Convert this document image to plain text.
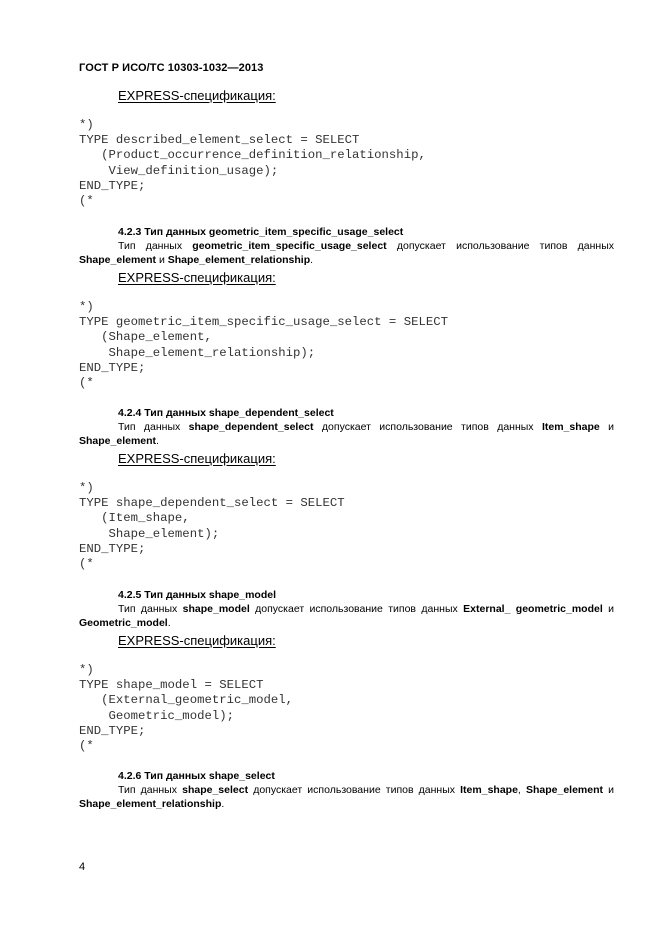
ГОСТ Р ИСО/ТС 10303-1032—2013
EXPRESS-спецификация:
*)
TYPE described_element_select = SELECT
(Product_occurrence_definition_relationship,
View_definition_usage);
END_TYPE;
(*
4.2.3 Тип данных geometric_item_specific_usage_select
Тип данных geometric_item_specific_usage_select допускает использование типов данных Shape_element и Shape_element_relationship.
EXPRESS-спецификация:
*)
TYPE geometric_item_specific_usage_select = SELECT
(Shape_element,
Shape_element_relationship);
END_TYPE;
(*
4.2.4 Тип данных shape_dependent_select
Тип данных shape_dependent_select допускает использование типов данных Item_shape и Shape_element.
EXPRESS-спецификация:
*)
TYPE shape_dependent_select = SELECT
(Item_shape,
Shape_element);
END_TYPE;
(*
4.2.5 Тип данных shape_model
Тип данных shape_model допускает использование типов данных External_ geometric_model и Geometric_model.
EXPRESS-спецификация:
*)
TYPE shape_model = SELECT
(External_geometric_model,
Geometric_model);
END_TYPE;
(*
4.2.6 Тип данных shape_select
Тип данных shape_select допускает использование типов данных Item_shape, Shape_element и Shape_element_relationship.
4
